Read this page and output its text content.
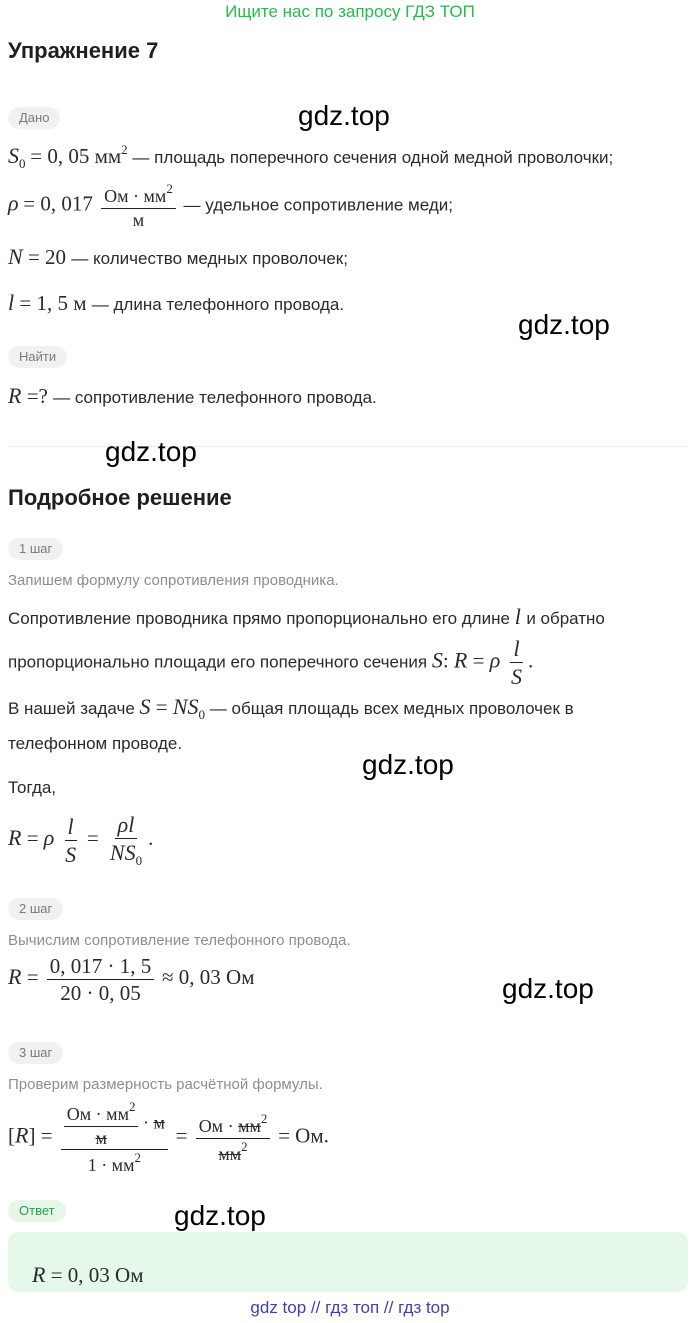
Ищите нас по запросу ГДЗ ТОП
Упражнение 7
Дано
$S_0 = 0$, 05 $мм^2$ — площадь поперечного сечения одной медной проволочки;
ρ = 0, $017 \frac{Ом \cdot мм^2}{м}$ — удельное сопротивление меди;
N = 20 — количество медных проволочек;
l = 1, 5 м — длина телефонного провода.
Найти
R =? — сопротивление телефонного провода.
Подробное решение
1 шаг
Запишем формулу сопротивления проводника.
Сопротивление проводника прямо пропорционально его длине l и обратно
пропорционально площади его поперечного сечения S: R = ρ $\frac{l}{S}$ .
В нашей задаче $S = NS_0$ — общая площадь всех медных проволочек в
телефонном проводе.
Тогда,
R = ρ $\frac{l}{S} = \frac{\rho l}{NS_0}$ .
2 шаг
Вычислим сопротивление телефонного провода.
$R = \frac{0, 017 \cdot 1, 5}{20 \cdot 0, 05} \approx 0$, 03 Ом
3 шаг
Проверим размерность расчётной формулы.
$[R] = \frac{\frac{Ом \cdot мм^2}{м} \cdot м}{1 \cdot мм^2} = \frac{Ом \cdot мм^2}{мм^2}$ = Ом.
Ответ
R = 0, 03 Ом
gdz.top
gdz.top
gdz.top
gdz.top
gdz.top
gdz.top
gdz top // гдз топ // гдз top
